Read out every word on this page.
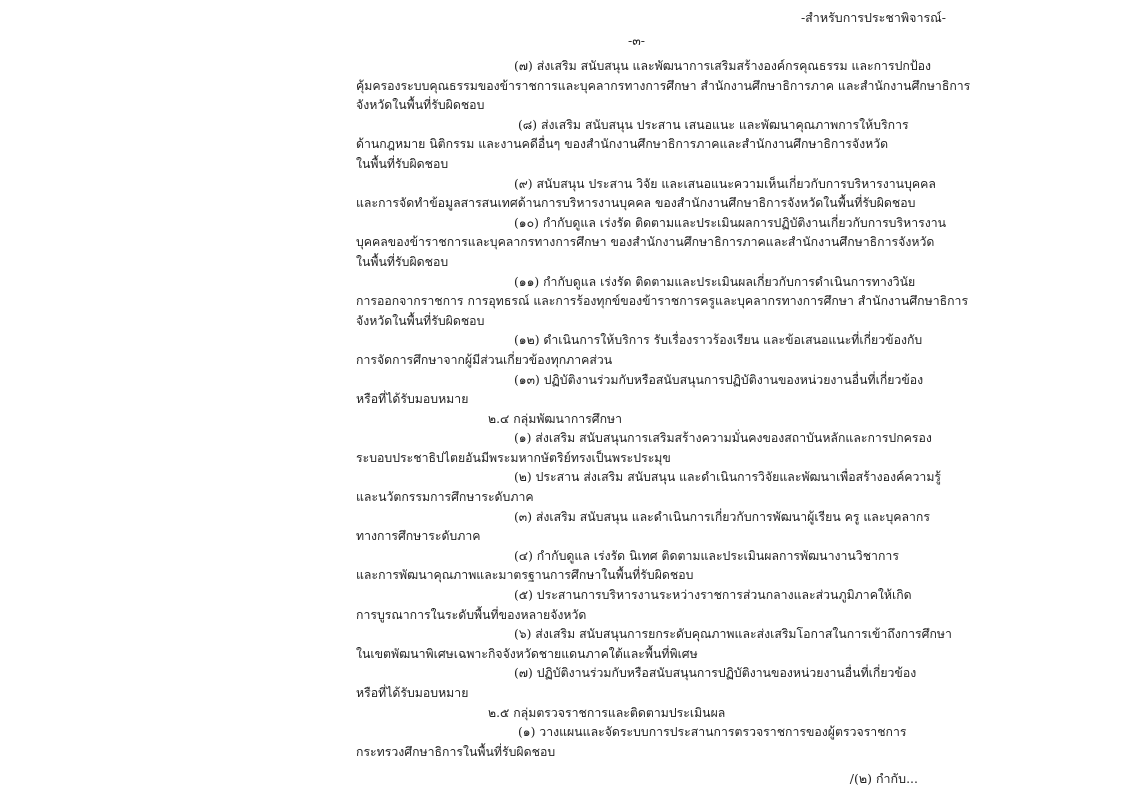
-สำหรับการประชาพิจารณ์-
-๓-
(๗) ส่งเสริม สนับสนุน และพัฒนาการเสริมสร้างองค์กรคุณธรรม และการปกป้อง
คุ้มครองระบบคุณธรรมของข้าราชการและบุคลากรทางการศึกษา สำนักงานศึกษาธิการภาค และสำนักงานศึกษาธิการ
จังหวัดในพื้นที่รับผิดชอบ
(๘) ส่งเสริม สนับสนุน ประสาน เสนอแนะ และพัฒนาคุณภาพการให้บริการ
ด้านกฎหมาย นิติกรรม และงานคดีอื่นๆ ของสำนักงานศึกษาธิการภาคและสำนักงานศึกษาธิการจังหวัด
ในพื้นที่รับผิดชอบ
(๙) สนับสนุน ประสาน วิจัย และเสนอแนะความเห็นเกี่ยวกับการบริหารงานบุคคล
และการจัดทำข้อมูลสารสนเทศด้านการบริหารงานบุคคล ของสำนักงานศึกษาธิการจังหวัดในพื้นที่รับผิดชอบ
(๑๐) กำกับดูแล เร่งรัด ติดตามและประเมินผลการปฏิบัติงานเกี่ยวกับการบริหารงาน
บุคคลของข้าราชการและบุคลากรทางการศึกษา ของสำนักงานศึกษาธิการภาคและสำนักงานศึกษาธิการจังหวัด
ในพื้นที่รับผิดชอบ
(๑๑) กำกับดูแล เร่งรัด ติดตามและประเมินผลเกี่ยวกับการดำเนินการทางวินัย
การออกจากราชการ การอุทธรณ์ และการร้องทุกข์ของข้าราชการครูและบุคลากรทางการศึกษา สำนักงานศึกษาธิการ
จังหวัดในพื้นที่รับผิดชอบ
(๑๒) ดำเนินการให้บริการ รับเรื่องราวร้องเรียน และข้อเสนอแนะที่เกี่ยวข้องกับ
การจัดการศึกษาจากผู้มีส่วนเกี่ยวข้องทุกภาคส่วน
(๑๓) ปฏิบัติงานร่วมกับหรือสนับสนุนการปฏิบัติงานของหน่วยงานอื่นที่เกี่ยวข้อง
หรือที่ได้รับมอบหมาย
๒.๔ กลุ่มพัฒนาการศึกษา
(๑) ส่งเสริม สนับสนุนการเสริมสร้างความมั่นคงของสถาบันหลักและการปกครอง
ระบอบประชาธิปไตยอันมีพระมหากษัตริย์ทรงเป็นพระประมุข
(๒) ประสาน ส่งเสริม สนับสนุน และดำเนินการวิจัยและพัฒนาเพื่อสร้างองค์ความรู้
และนวัตกรรมการศึกษาระดับภาค
(๓) ส่งเสริม สนับสนุน และดำเนินการเกี่ยวกับการพัฒนาผู้เรียน ครู และบุคลากร
ทางการศึกษาระดับภาค
(๔) กำกับดูแล เร่งรัด นิเทศ ติดตามและประเมินผลการพัฒนางานวิชาการ
และการพัฒนาคุณภาพและมาตรฐานการศึกษาในพื้นที่รับผิดชอบ
(๕) ประสานการบริหารงานระหว่างราชการส่วนกลางและส่วนภูมิภาคให้เกิด
การบูรณาการในระดับพื้นที่ของหลายจังหวัด
(๖) ส่งเสริม สนับสนุนการยกระดับคุณภาพและส่งเสริมโอกาสในการเข้าถึงการศึกษา
ในเขตพัฒนาพิเศษเฉพาะกิจจังหวัดชายแดนภาคใต้และพื้นที่พิเศษ
(๗) ปฏิบัติงานร่วมกับหรือสนับสนุนการปฏิบัติงานของหน่วยงานอื่นที่เกี่ยวข้อง
หรือที่ได้รับมอบหมาย
๒.๕ กลุ่มตรวจราชการและติดตามประเมินผล
(๑) วางแผนและจัดระบบการประสานการตรวจราชการของผู้ตรวจราชการ
กระทรวงศึกษาธิการในพื้นที่รับผิดชอบ
/(๒) กำกับ...
